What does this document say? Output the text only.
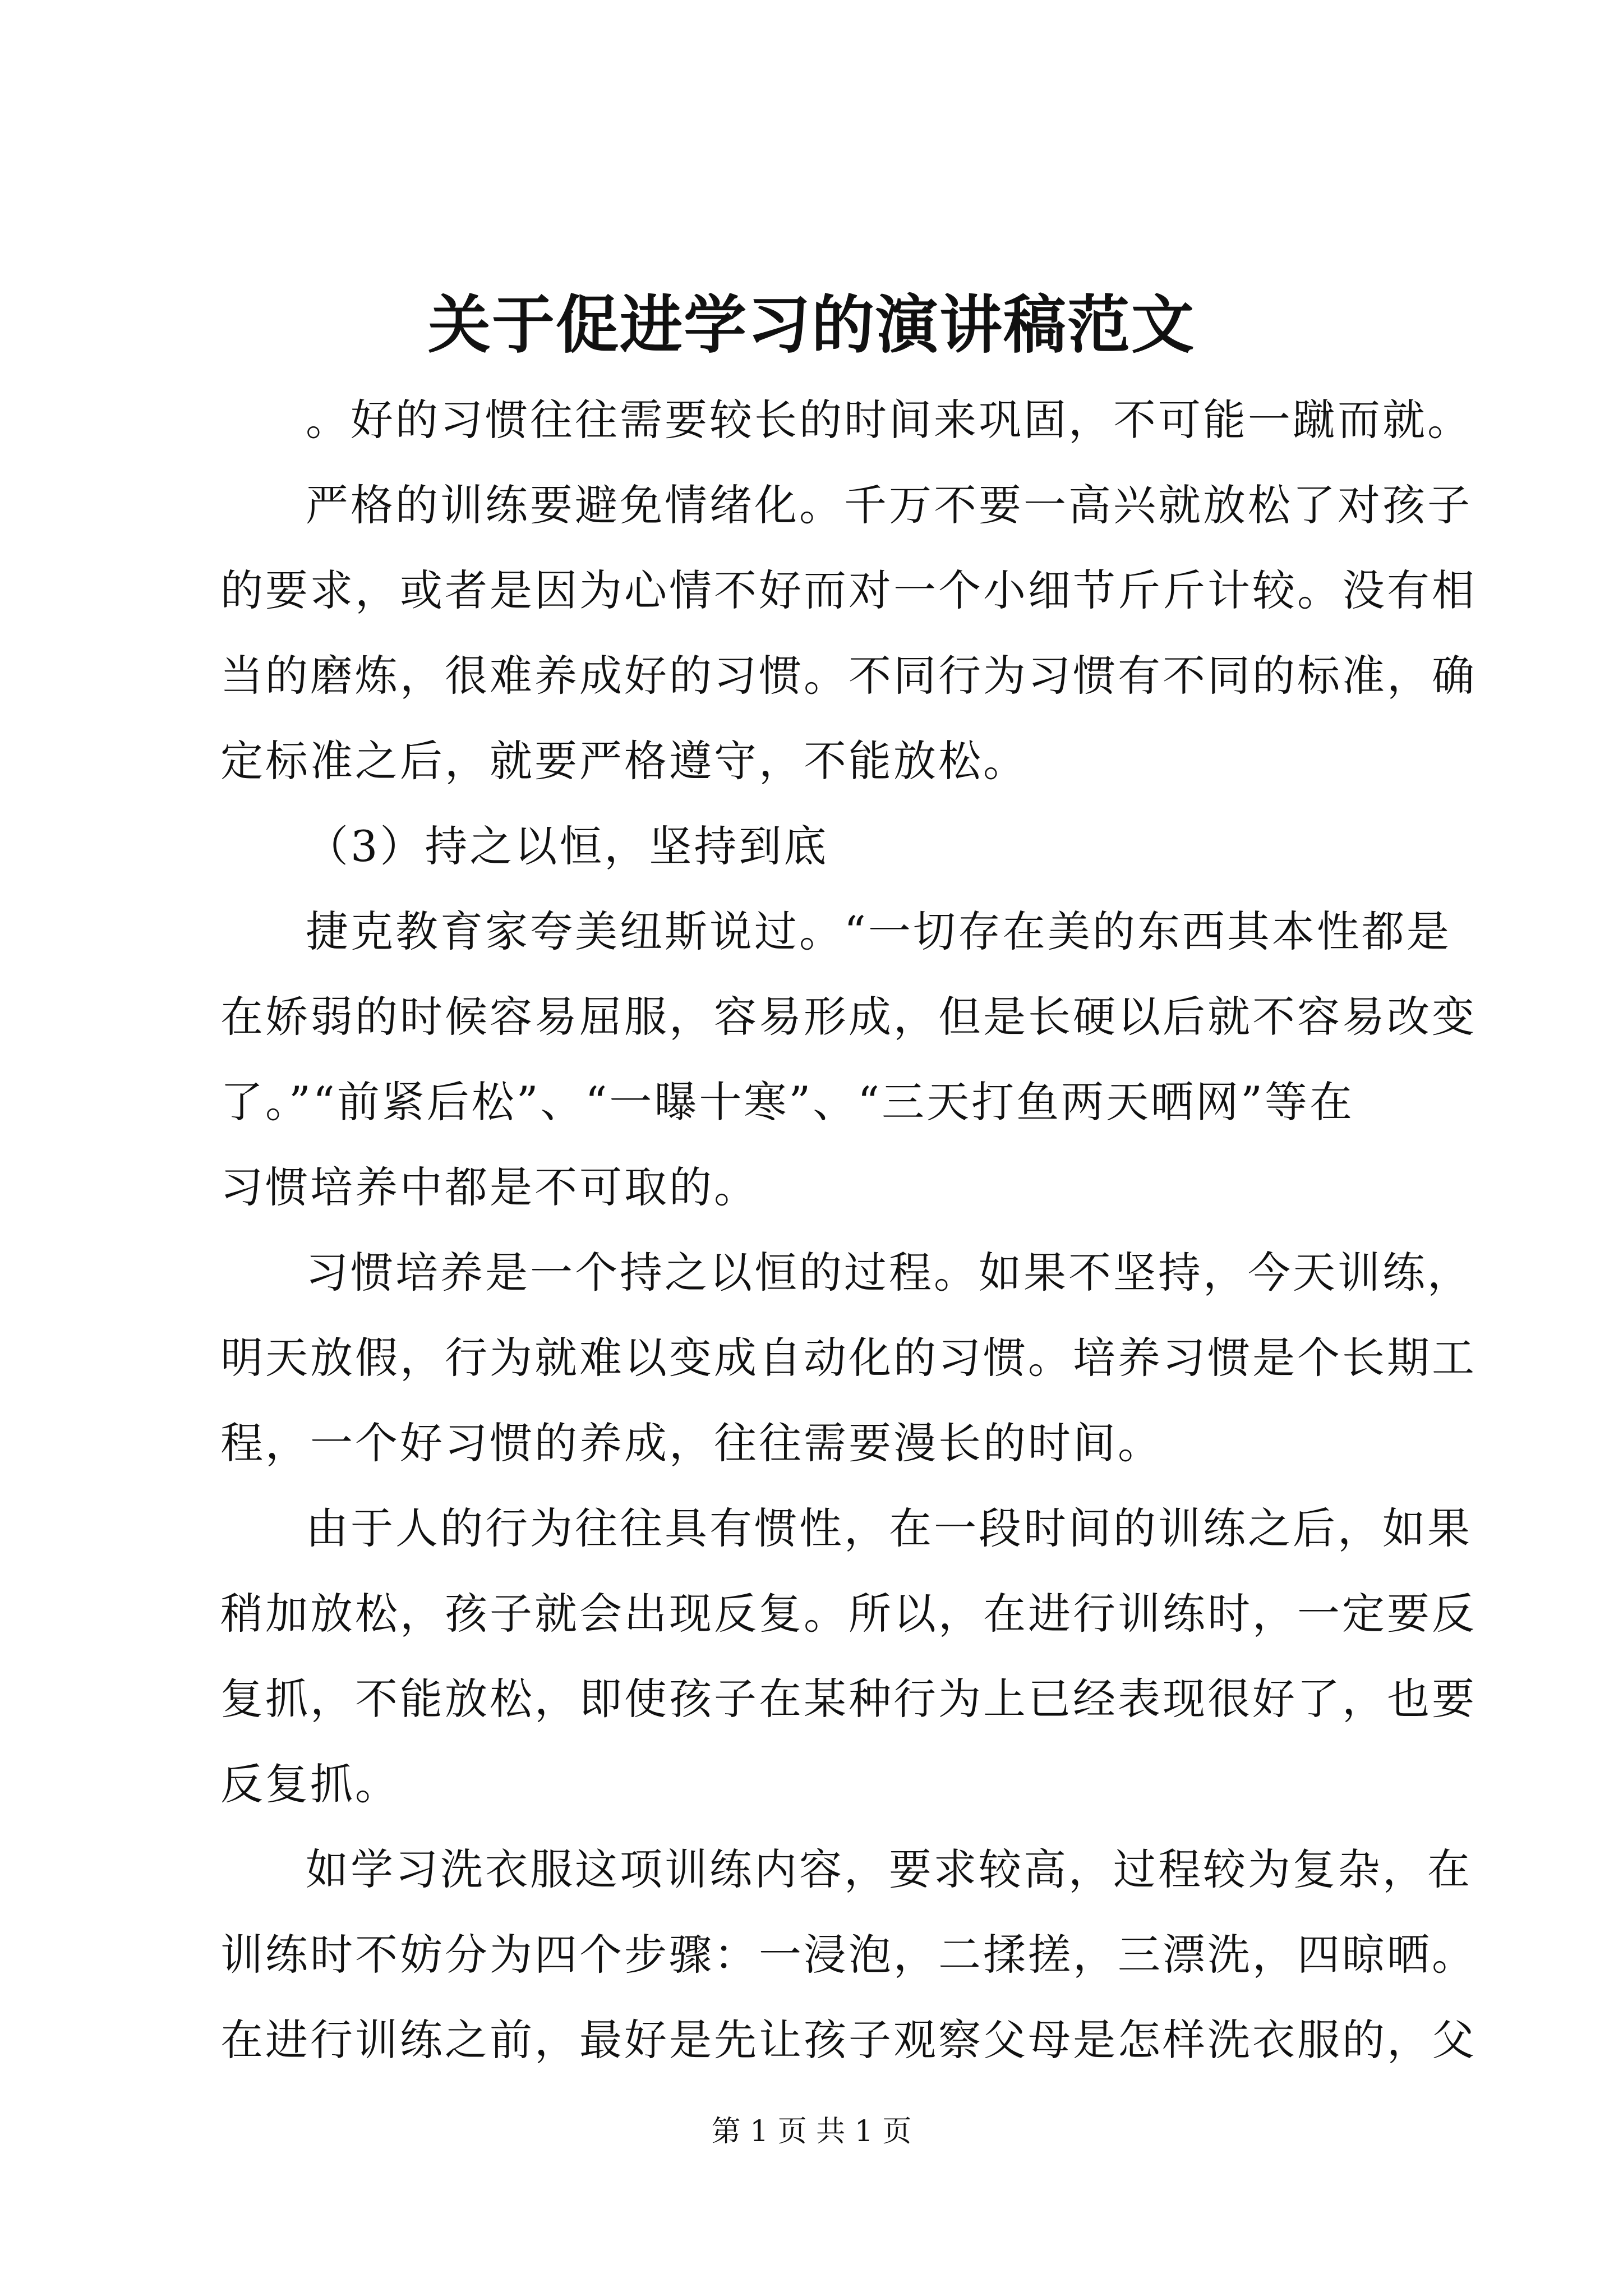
关于促进学习的演讲稿范文
。好的习惯往往需要较长的时间来巩固，不可能一蹴而就。
严格的训练要避免情绪化。千万不要一高兴就放松了对孩子
的要求，或者是因为心情不好而对一个小细节斤斤计较。没有相
当的磨炼，很难养成好的习惯。不同行为习惯有不同的标准，确
定标准之后，就要严格遵守，不能放松。
（3）持之以恒，坚持到底
捷克教育家夸美纽斯说过。“一切存在美的东西其本性都是
在娇弱的时候容易屈服，容易形成，但是长硬以后就不容易改变
了。”“前紧后松”、“一曝十寒”、“三天打鱼两天晒网”等在
习惯培养中都是不可取的。
习惯培养是一个持之以恒的过程。如果不坚持，今天训练，
明天放假，行为就难以变成自动化的习惯。培养习惯是个长期工
程，一个好习惯的养成，往往需要漫长的时间。
由于人的行为往往具有惯性，在一段时间的训练之后，如果
稍加放松，孩子就会出现反复。所以，在进行训练时，一定要反
复抓，不能放松，即使孩子在某种行为上已经表现很好了，也要
反复抓。
如学习洗衣服这项训练内容，要求较高，过程较为复杂，在
训练时不妨分为四个步骤：一浸泡，二揉搓，三漂洗，四晾晒。
在进行训练之前，最好是先让孩子观察父母是怎样洗衣服的，父
第 1 页 共 1 页
